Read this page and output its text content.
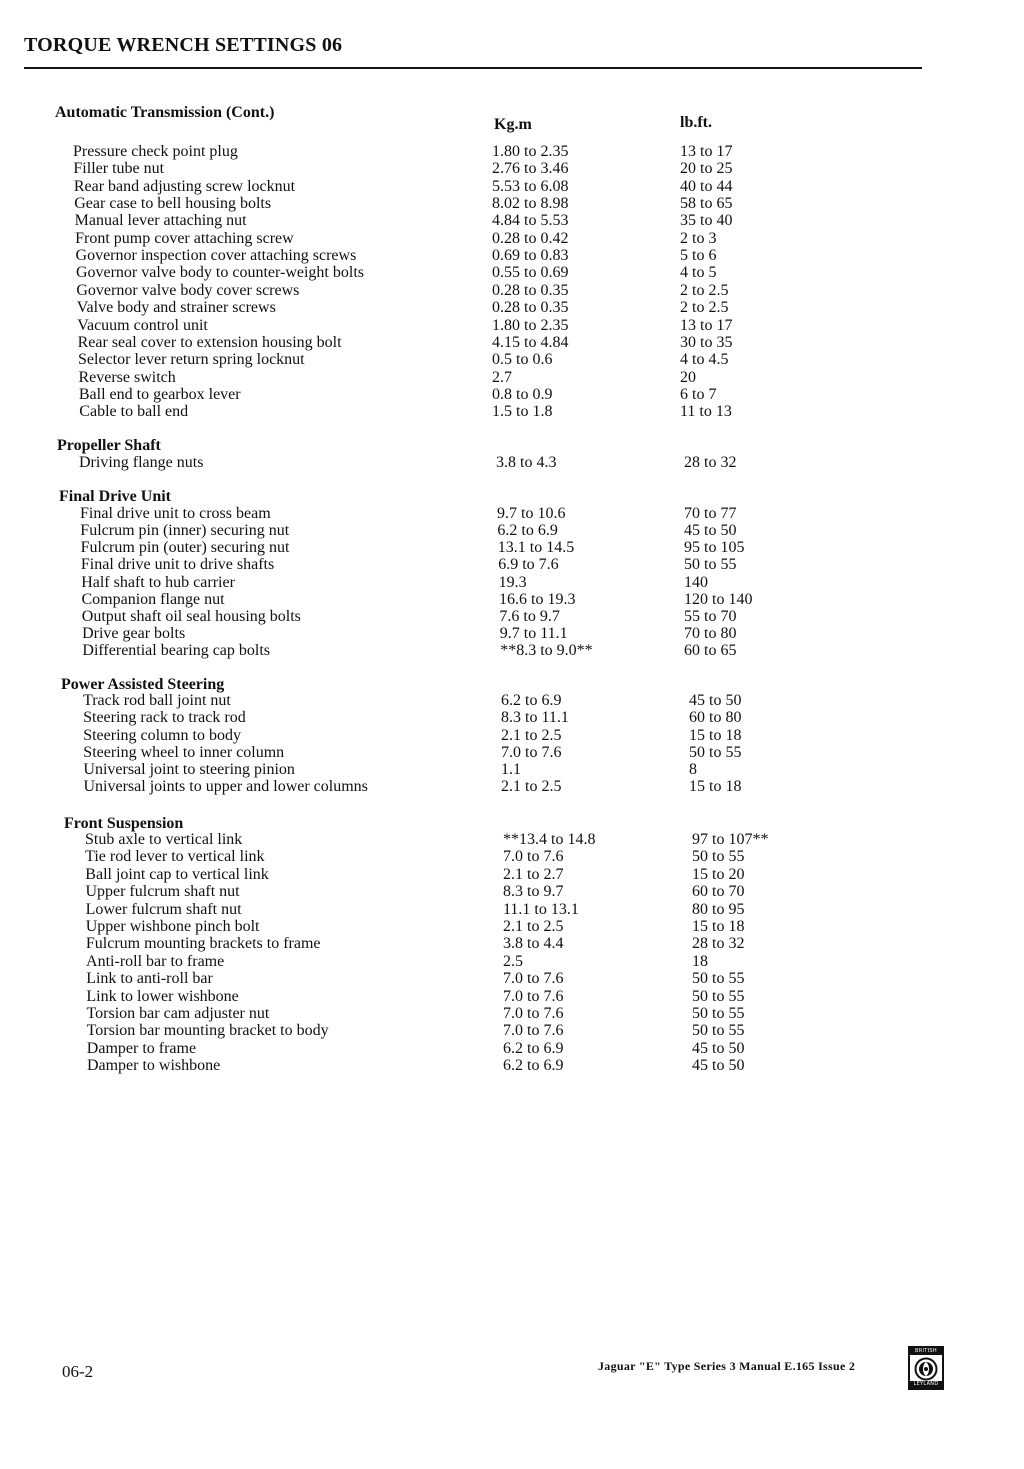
TORQUE WRENCH SETTINGS 06
Kg.m	lb.ft.
Automatic Transmission (Cont.)
Pressure check point plug	1.80 to 2.35	13 to 17
Filler tube nut	2.76 to 3.46	20 to 25
Rear band adjusting screw locknut	5.53 to 6.08	40 to 44
Gear case to bell housing bolts	8.02 to 8.98	58 to 65
Manual lever attaching nut	4.84 to 5.53	35 to 40
Front pump cover attaching screw	0.28 to 0.42	2 to 3
Governor inspection cover attaching screws	0.69 to 0.83	5 to 6
Governor valve body to counter-weight bolts	0.55 to 0.69	4 to 5
Governor valve body cover screws	0.28 to 0.35	2 to 2.5
Valve body and strainer screws	0.28 to 0.35	2 to 2.5
Vacuum control unit	1.80 to 2.35	13 to 17
Rear seal cover to extension housing bolt	4.15 to 4.84	30 to 35
Selector lever return spring locknut	0.5 to 0.6	4 to 4.5
Reverse switch	2.7	20
Ball end to gearbox lever	0.8 to 0.9	6 to 7
Cable to ball end	1.5 to 1.8	11 to 13
Propeller Shaft
Driving flange nuts	3.8 to 4.3	28 to 32
Final Drive Unit
Final drive unit to cross beam	9.7 to 10.6	70 to 77
Fulcrum pin (inner) securing nut	6.2 to 6.9	45 to 50
Fulcrum pin (outer) securing nut	13.1 to 14.5	95 to 105
Final drive unit to drive shafts	6.9 to 7.6	50 to 55
Half shaft to hub carrier	19.3	140
Companion flange nut	16.6 to 19.3	120 to 140
Output shaft oil seal housing bolts	7.6 to 9.7	55 to 70
Drive gear bolts	9.7 to 11.1	70 to 80
Differential bearing cap bolts	**8.3 to 9.0**	60 to 65
Power Assisted Steering
Track rod ball joint nut	6.2 to 6.9	45 to 50
Steering rack to track rod	8.3 to 11.1	60 to 80
Steering column to body	2.1 to 2.5	15 to 18
Steering wheel to inner column	7.0 to 7.6	50 to 55
Universal joint to steering pinion	1.1	8
Universal joints to upper and lower columns	2.1 to 2.5	15 to 18
Front Suspension
Stub axle to vertical link	**13.4 to 14.8	97 to 107**
Tie rod lever to vertical link	7.0 to 7.6	50 to 55
Ball joint cap to vertical link	2.1 to 2.7	15 to 20
Upper fulcrum shaft nut	8.3 to 9.7	60 to 70
Lower fulcrum shaft nut	11.1 to 13.1	80 to 95
Upper wishbone pinch bolt	2.1 to 2.5	15 to 18
Fulcrum mounting brackets to frame	3.8 to 4.4	28 to 32
Anti-roll bar to frame	2.5	18
Link to anti-roll bar	7.0 to 7.6	50 to 55
Link to lower wishbone	7.0 to 7.6	50 to 55
Torsion bar cam adjuster nut	7.0 to 7.6	50 to 55
Torsion bar mounting bracket to body	7.0 to 7.6	50 to 55
Damper to frame	6.2 to 6.9	45 to 50
Damper to wishbone	6.2 to 6.9	45 to 50
06-2	Jaguar "E" Type Series 3 Manual E.165 Issue 2
BRITISH
LEYLAND
